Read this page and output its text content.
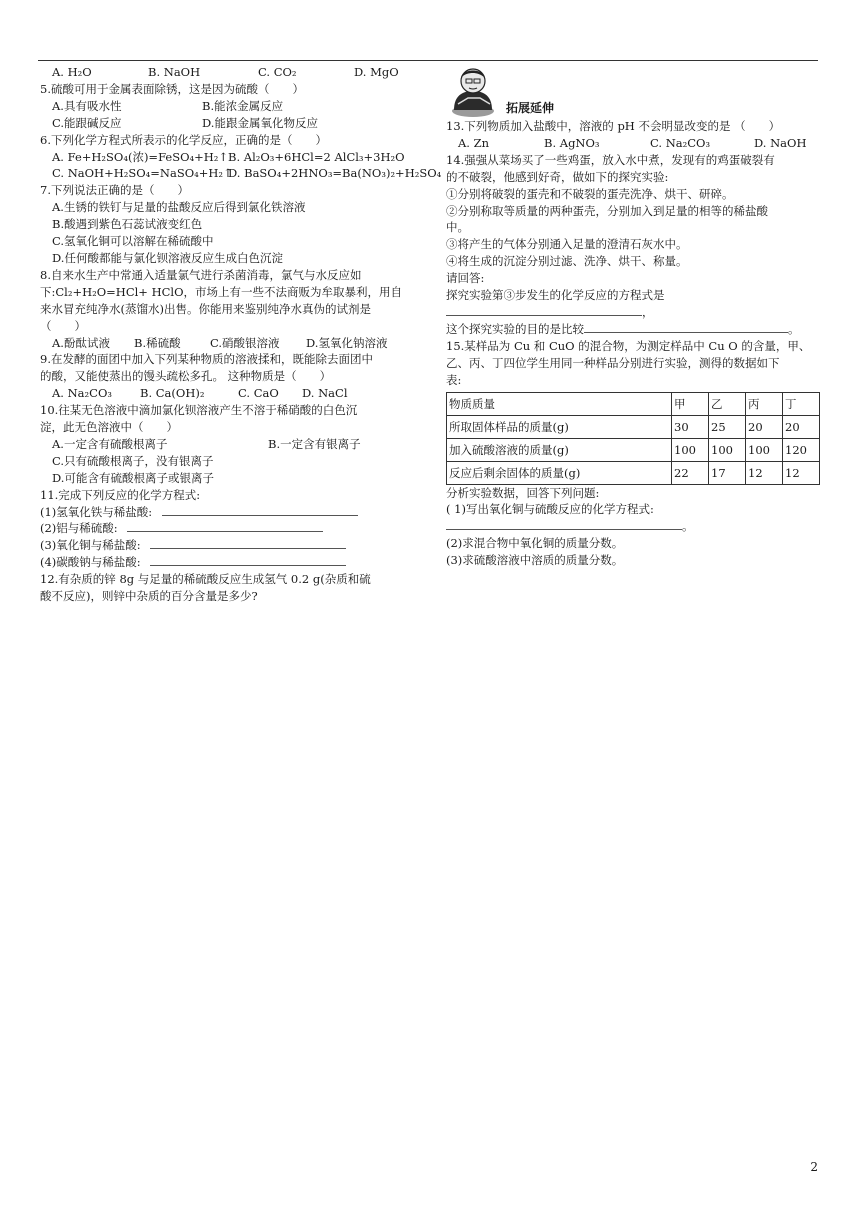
A. H₂O	B. NaOH	C. CO₂	D. MgO
5.硫酸可用于金属表面除锈，这是因为硫酸（　　）
A.具有吸水性	B.能浓金属反应
C.能跟碱反应	D.能跟金属氧化物反应
6.下列化学方程式所表示的化学反应，正确的是（　　）
A. Fe+H₂SO₄(浓)=FeSO₄+H₂↑ B. Al₂O₃+6HCl=2 AlCl₃+3H₂O
C. NaOH+H₂SO₄=NaSO₄+H₂↑
D. BaSO₄+2HNO₃=Ba(NO₃)₂+H₂SO₄
7.下列说法正确的是（　　）
A.生锈的铁钉与足量的盐酸反应后得到氯化铁溶液
B.酸遇到紫色石蕊试液变红色
C.氢氧化铜可以溶解在稀硫酸中
D.任何酸都能与氯化钡溶液反应生成白色沉淀
8.自来水生产中常通入适量氯气进行杀菌消毒，氯气与水反应如
下:Cl₂+H₂O=HCl+ HClO，市场上有一些不法商贩为牟取暴利，用自
来水冒充纯净水(蒸馏水)出售。你能用来鉴别纯净水真伪的试剂是
（　　）
A.酚酞试液	B.稀硫酸	C.硝酸银溶液	D.氢氧化钠溶液
9.在发酵的面团中加入下列某种物质的溶液揉和，既能除去面团中
的酸，又能使蒸出的馒头疏松多孔。 这种物质是（　　）
A. Na₂CO₃	B. Ca(OH)₂	C. CaO	D. NaCl
10.往某无色溶液中滴加氯化钡溶液产生不溶于稀硝酸的白色沉
淀，此无色溶液中（　　）
A.一定含有硫酸根离子	B.一定含有银离子
C.只有硫酸根离子，没有银离子
D.可能含有硫酸根离子或银离子
11.完成下列反应的化学方程式:
(1)氢氧化铁与稀盐酸:
(2)铝与稀硫酸:
(3)氧化铜与稀盐酸:
(4)碳酸钠与稀盐酸:
12.有杂质的锌 8g 与足量的稀硫酸反应生成氢气 0.2 g(杂质和硫
酸不反应)，则锌中杂质的百分含量是多少?
拓展延伸
13.下列物质加入盐酸中，溶液的 pH 不会明显改变的是 （　　）
A. Zn	B. AgNO₃	C. Na₂CO₃	D. NaOH
14.强强从菜场买了一些鸡蛋，放入水中煮，发现有的鸡蛋破裂有
的不破裂，他感到好奇，做如下的探究实验:
①分别将破裂的蛋壳和不破裂的蛋壳洗净、烘干、研碎。
②分别称取等质量的两种蛋壳，分别加入到足量的相等的稀盐酸
中。
③将产生的气体分别通入足量的澄清石灰水中。
④将生成的沉淀分别过滤、洗净、烘干、称量。
请回答:
探究实验第③步发生的化学反应的方程式是
，
这个探究实验的目的是比较	。
15.某样品为 Cu 和 CuO 的混合物，为测定样品中 Cu O 的含量，甲、
乙、丙、丁四位学生用同一种样品分别进行实验，测得的数据如下
表:
物质质量	甲	乙	丙	丁
所取固体样品的质量(g)	30	25	20	20
加入硫酸溶液的质量(g)	100	100	100	120
反应后剩余固体的质量(g)	22	17	12	12
分析实验数据，回答下列问题:
( 1)写出氧化铜与硫酸反应的化学方程式:
。
(2)求混合物中氧化铜的质量分数。
(3)求硫酸溶液中溶质的质量分数。
2
